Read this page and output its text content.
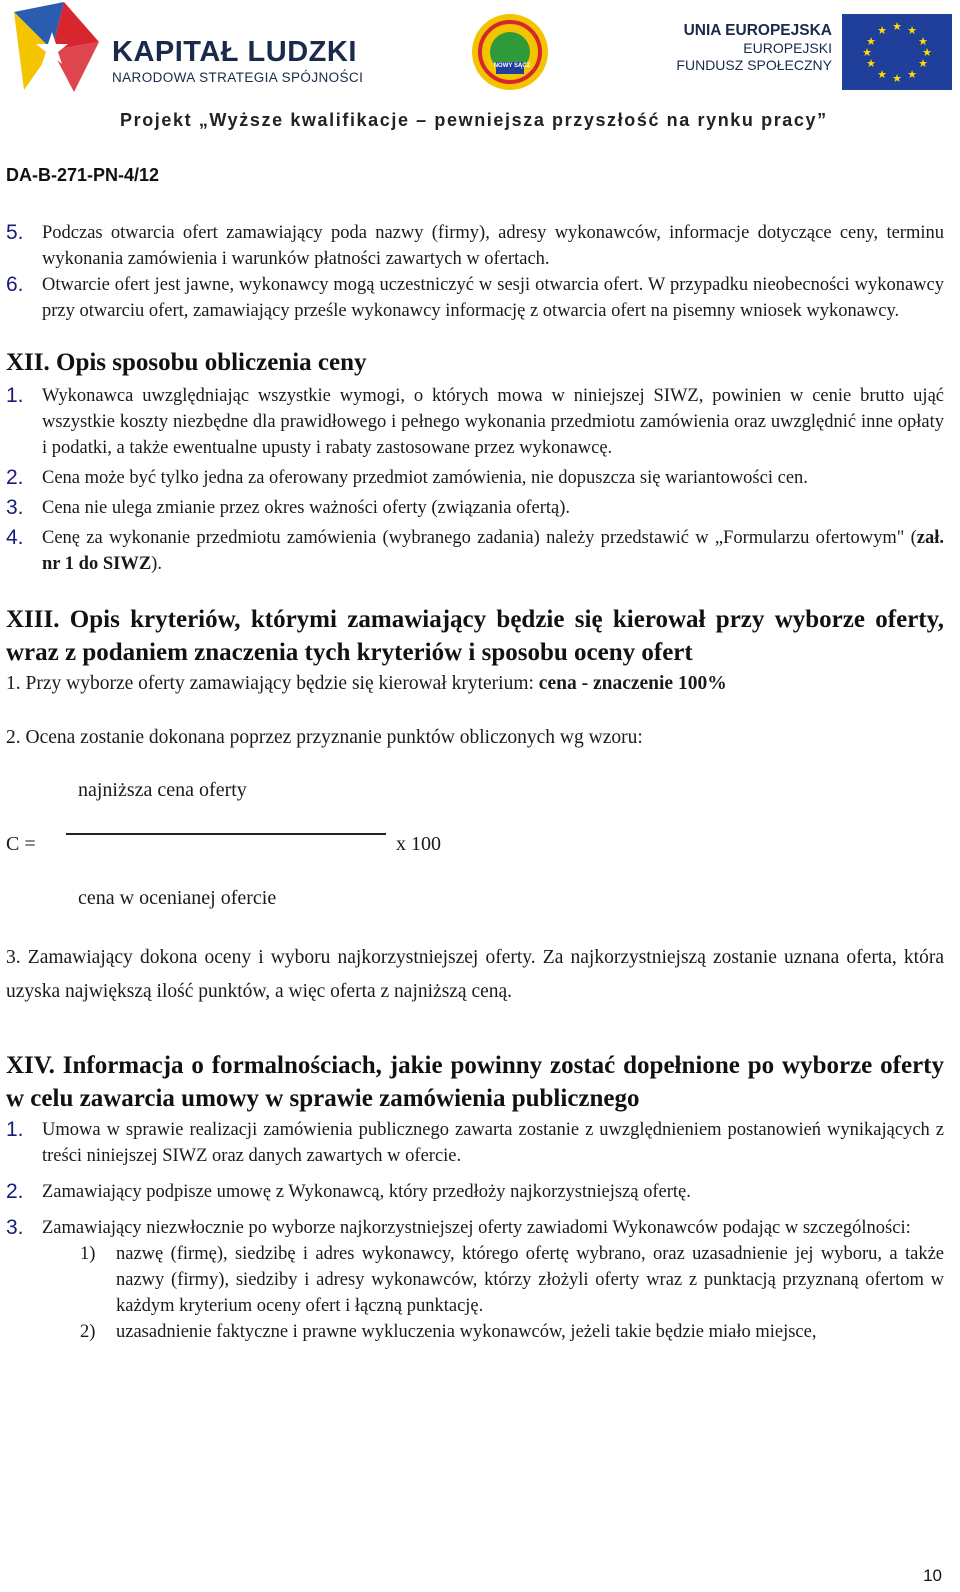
KAPITAŁ LUDZKI
NARODOWA STRATEGIA SPÓJNOŚCI
NOWY SĄCZ
UNIA EUROPEJSKA
EUROPEJSKI
FUNDUSZ SPOŁECZNY
★ ★
★
★
★
★
★
★
★
★
★
★
Projekt „Wyższe kwalifikacje – pewniejsza przyszłość na rynku pracy”
DA-B-271-PN-4/12
5. Podczas otwarcia ofert zamawiający poda nazwy (firmy), adresy wykonawców, informacje dotyczące ceny, terminu wykonania zamówienia i warunków płatności zawartych w ofertach.
6. Otwarcie ofert jest jawne, wykonawcy mogą uczestniczyć w sesji otwarcia ofert. W przypadku nieobecności wykonawcy przy otwarciu ofert, zamawiający prześle wykonawcy informację z otwarcia ofert na pisemny wniosek wykonawcy.
XII. Opis sposobu obliczenia ceny
1. Wykonawca uwzględniając wszystkie wymogi, o których mowa w niniejszej SIWZ, powinien w cenie brutto ująć wszystkie koszty niezbędne dla prawidłowego i pełnego wykonania przedmiotu zamówienia oraz uwzględnić inne opłaty i podatki, a także ewentualne upusty i rabaty zastosowane przez wykonawcę.
2. Cena może być tylko jedna za oferowany przedmiot zamówienia, nie dopuszcza się wariantowości cen.
3. Cena nie ulega zmianie przez okres ważności oferty (związania ofertą).
4. Cenę za wykonanie przedmiotu zamówienia (wybranego zadania) należy przedstawić w „Formularzu ofertowym" (zał. nr 1 do SIWZ).
XIII. Opis kryteriów, którymi zamawiający będzie się kierował przy wyborze oferty, wraz z podaniem znaczenia tych kryteriów i sposobu oceny ofert
1. Przy wyborze oferty zamawiający będzie się kierował kryterium: cena - znaczenie 100%
2. Ocena zostanie dokonana poprzez przyznanie punktów obliczonych wg wzoru:
najniższa cena oferty
C =	x 100
cena w ocenianej ofercie
3. Zamawiający dokona oceny i wyboru najkorzystniejszej oferty. Za najkorzystniejszą zostanie uznana oferta, która uzyska największą ilość punktów, a więc oferta z najniższą ceną.
XIV. Informacja o formalnościach, jakie powinny zostać dopełnione po wyborze oferty w celu zawarcia umowy w sprawie zamówienia publicznego
1. Umowa w sprawie realizacji zamówienia publicznego zawarta zostanie z uwzględnieniem postanowień wynikających z treści niniejszej SIWZ oraz danych zawartych w ofercie.
2. Zamawiający podpisze umowę z Wykonawcą, który przedłoży najkorzystniejszą ofertę.
3. Zamawiający niezwłocznie po wyborze najkorzystniejszej oferty zawiadomi Wykonawców podając w szczególności:
1)	nazwę (firmę), siedzibę i adres wykonawcy, którego ofertę wybrano, oraz uzasadnienie jej wyboru, a także nazwy (firmy), siedziby i adresy wykonawców, którzy złożyli oferty wraz z punktacją przyznaną ofertom w każdym kryterium oceny ofert i łączną punktację.
2)	uzasadnienie faktyczne i prawne wykluczenia wykonawców, jeżeli takie będzie miało miejsce,
10
